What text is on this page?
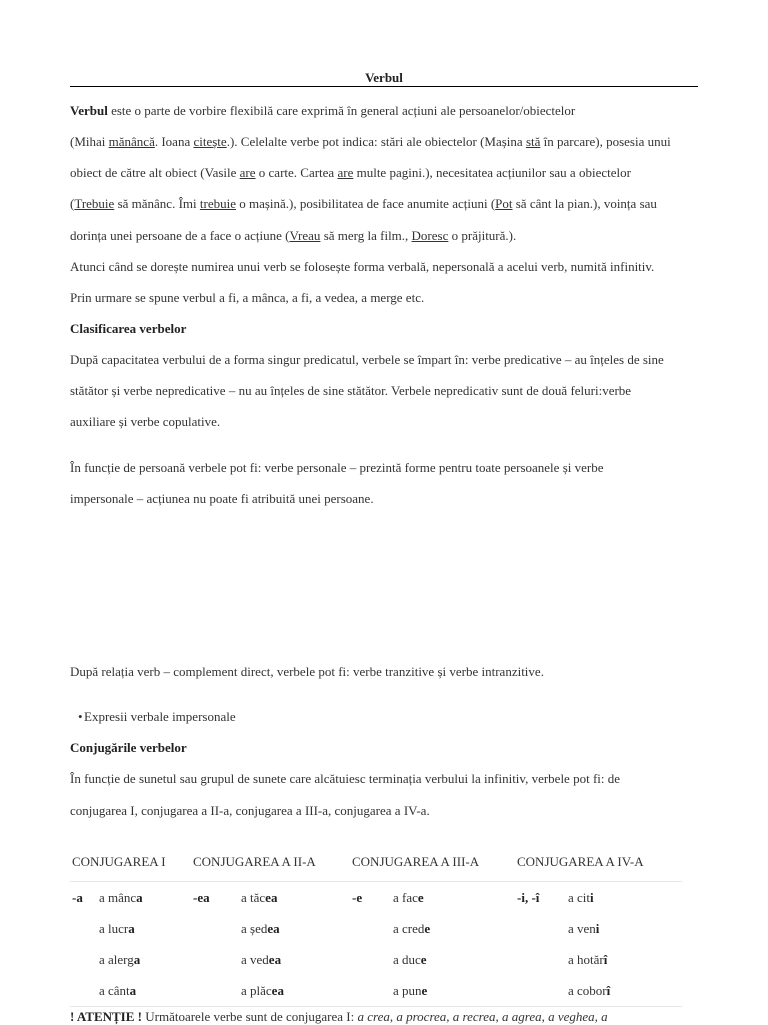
Verbul
Verbul este o parte de vorbire flexibilă care exprimă în general acțiuni ale persoanelor/obiectelor
(Mihai mănâncă. Ioana citește.). Celelalte verbe pot indica: stări ale obiectelor (Mașina stă în parcare), posesia unui
obiect de către alt obiect (Vasile are o carte. Cartea are multe pagini.), necesitatea acțiunilor sau a obiectelor
(Trebuie să mănânc. Îmi trebuie o mașină.), posibilitatea de face anumite acțiuni (Pot să cânt la pian.), voința sau
dorința unei persoane de a face o acțiune (Vreau să merg la film., Doresc o prăjitură.).
Atunci când se dorește numirea unui verb se folosește forma verbală, nepersonală a acelui verb, numită infinitiv.
Prin urmare se spune verbul a fi, a mânca, a fi, a vedea, a merge etc.
Clasificarea verbelor
După capacitatea verbului de a forma singur predicatul, verbele se împart în: verbe predicative – au înțeles de sine
stătător și verbe nepredicative – nu au înțeles de sine stătător. Verbele nepredicativ sunt de două feluri:verbe
auxiliare și verbe copulative.
În funcție de persoană verbele pot fi: verbe personale – prezintă forme pentru toate persoanele și verbe
impersonale – acțiunea nu poate fi atribuită unei persoane.
După relația verb – complement direct, verbele pot fi: verbe tranzitive și verbe intranzitive.
• Expresii verbale impersonale
Conjugările verbelor
În funcție de sunetul sau grupul de sunete care alcătuiesc terminația verbului la infinitiv, verbele pot fi: de
conjugarea I, conjugarea a II-a, conjugarea a III-a, conjugarea a IV-a.
CONJUGAREA I		CONJUGAREA A II-A		CONJUGAREA A III-A		CONJUGAREA A IV-A	
-a	a mânca	-ea	a tăcea	-e	a face	-i, -î	a citi
	a lucra		a ședea		a crede		a veni
	a alerga		a vedea		a duce		a hotărî
	a cânta		a plăcea		a pune		a coborî
! ATENȚIE ! Următoarele verbe sunt de conjugarea I: a crea, a procrea, a recrea, a agrea, a veghea, a
